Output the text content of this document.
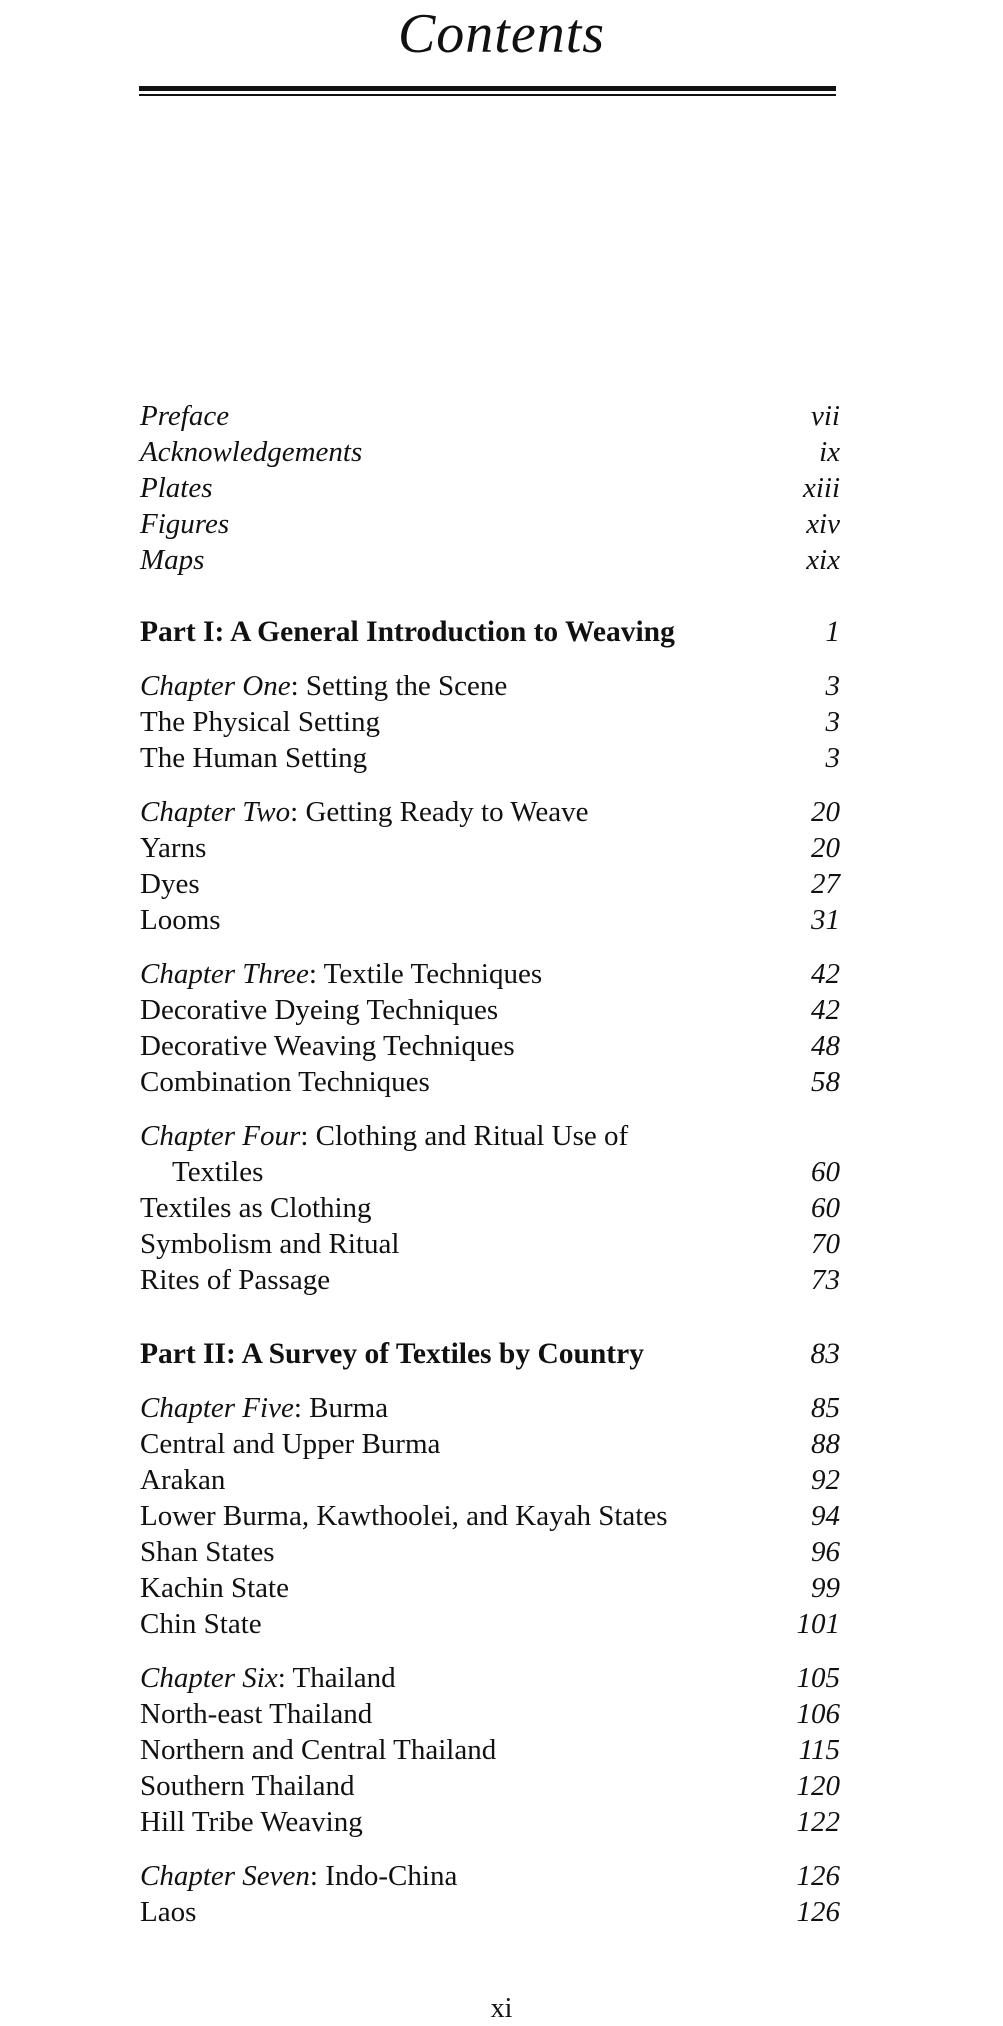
Contents
Preface	vii
Acknowledgements	ix
Plates	xiii
Figures	xiv
Maps	xix
Part I: A General Introduction to Weaving	1
Chapter One: Setting the Scene	3
The Physical Setting	3
The Human Setting	3
Chapter Two: Getting Ready to Weave	20
Yarns	20
Dyes	27
Looms	31
Chapter Three: Textile Techniques	42
Decorative Dyeing Techniques	42
Decorative Weaving Techniques	48
Combination Techniques	58
Chapter Four: Clothing and Ritual Use of
Textiles	60
Textiles as Clothing	60
Symbolism and Ritual	70
Rites of Passage	73
Part II: A Survey of Textiles by Country	83
Chapter Five: Burma	85
Central and Upper Burma	88
Arakan	92
Lower Burma, Kawthoolei, and Kayah States	94
Shan States	96
Kachin State	99
Chin State	101
Chapter Six: Thailand	105
North-east Thailand	106
Northern and Central Thailand	115
Southern Thailand	120
Hill Tribe Weaving	122
Chapter Seven: Indo-China	126
Laos	126
xi
